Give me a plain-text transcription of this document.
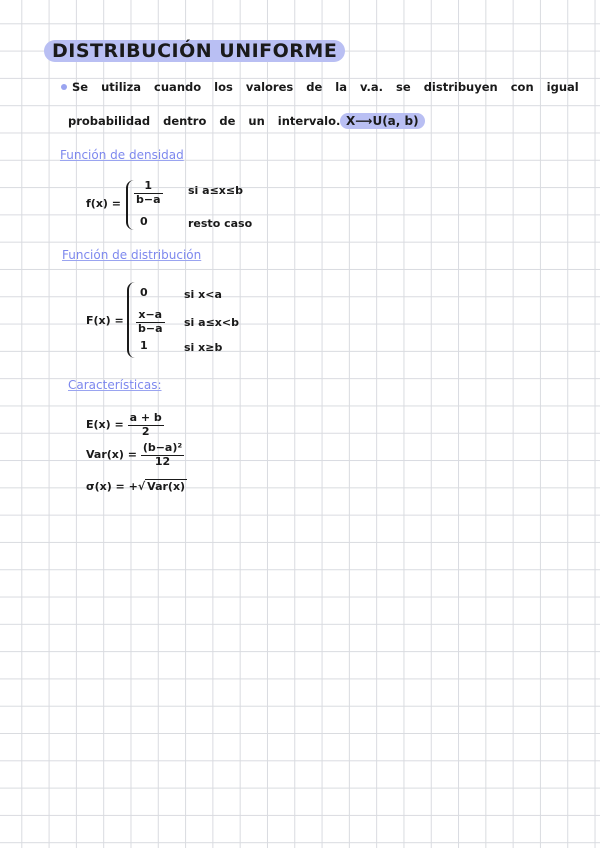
DISTRIBUCIÓN UNIFORME
Se utiliza cuando los valores de la v.a. se distribuyen con igual
probabilidad dentro de un intervalo. X⟶U(a, b)
Función de densidad
$f(x) = \frac{1}{b-a}$ si a≤x≤b
0	resto caso
Función de distribución
F(x) =
0	si x<a
$\frac{x-a}{b-a}$ si a≤x<b
1	si x≥b
Características:
$E(x) = \frac{a + b}{2}$
$Var(x) = \frac{\text{(b−a)²}}{12}$
σ(x) = +√ Var(x)
